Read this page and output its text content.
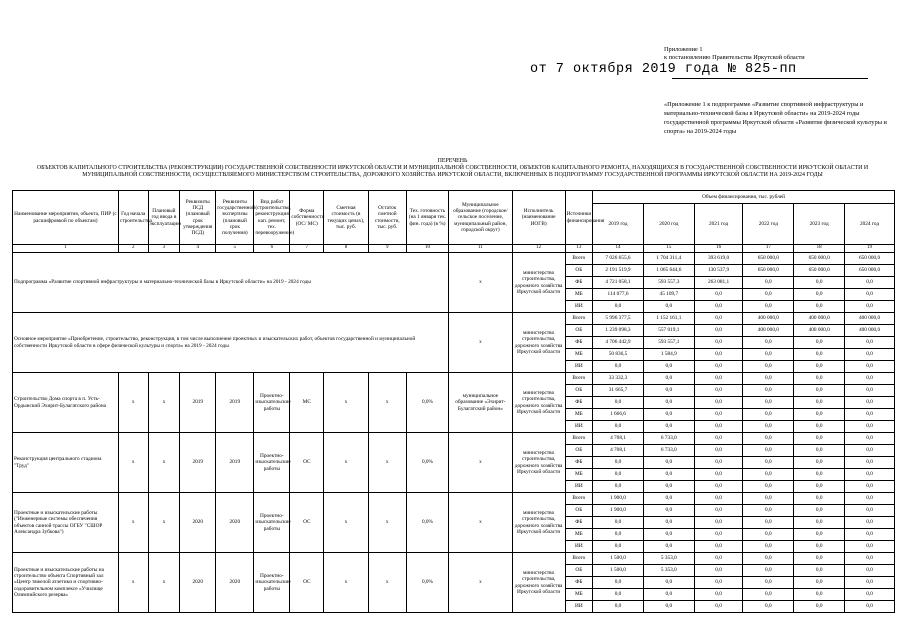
Приложение 1
к постановлению Правительства Иркутской области
от 7 октября 2019 года № 825-пп
«Приложение 1 к подпрограмме «Развитие спортивной инфраструктуры и материально-технической базы в Иркутской области» на 2019-2024 годы государственной программы Иркутской области «Развитие физической культуры и спорта» на 2019-2024 годы
ПЕРЕЧЕНЬ
ОБЪЕКТОВ КАПИТАЛЬНОГО СТРОИТЕЛЬСТВА (РЕКОНСТРУКЦИИ) ГОСУДАРСТВЕННОЙ СОБСТВЕННОСТИ ИРКУТСКОЙ ОБЛАСТИ И МУНИЦИПАЛЬНОЙ СОБСТВЕННОСТИ, ОБЪЕКТОВ КАПИТАЛЬНОГО РЕМОНТА, НАХОДЯЩИХСЯ В ГОСУДАРСТВЕННОЙ СОБСТВЕННОСТИ ИРКУТСКОЙ ОБЛАСТИ И МУНИЦИПАЛЬНОЙ СОБСТВЕННОСТИ, ОСУЩЕСТВЛЯЕМОГО МИНИСТЕРСТВОМ СТРОИТЕЛЬСТВА, ДОРОЖНОГО ХОЗЯЙСТВА ИРКУТСКОЙ ОБЛАСТИ, ВКЛЮЧЕННЫХ В ПОДПРОГРАММУ ГОСУДАРСТВЕННОЙ ПРОГРАММЫ ИРКУТСКОЙ ОБЛАСТИ НА 2019-2024 ГОДЫ
Наименование мероприятия, объекта, ПИР (с расшифровкой по объектам)	Год начала строительства	Плановый год ввода в эксплуатацию	Реквизиты ПСД (плановый срок утверждения ПСД)	Реквизиты государственной экспертизы (плановый срок получения)	Вид работ (строительство, реконструкция, кап. ремонт, тех. перевооружение)	Форма собственности (ОС/ МС)	Сметная стоимость (в текущих ценах), тыс. руб.	Остаток сметной стоимости, тыс. руб.	Тех. готовность (на 1 января тек. фин. года) (в %)	Муниципальное образование (городское/сельское поселение, муниципальный район, городской округ)	Исполнитель (наименование ИОГВ)	Источники финансирования	Объем финансирования, тыс. рублей					
													2019 год	2020 год	2021 год	2022 год	2023 год	2024 год
1	2	3	4	5	6	7	8	9	10	11	12	13	14	15	16	17	18	19
Подпрограмма «Развитие спортивной инфраструктуры и материально-технической базы в Иркутской области» на 2019 - 2024 годы										х	министерство строительства, дорожного хозяйства Иркутской области	Всего	7 026 655,6	1 704 311,4	393 619,0	650 000,0	650 000,0	650 000,0
												ОБ	2 191 519,9	1 065 644,6	130 537,9	650 000,0	650 000,0	650 000,0
												ФБ	4 721 058,1	593 557,3	263 081,1	0,0	0,0	0,0
												МБ	114 077,6	45 109,7	0,0	0,0	0,0	0,0
												ИИ	0,0	0,0	0,0	0,0	0,0	0,0
Основное мероприятие «Приобретение, строительство, реконструкция, в том числе выполнение проектных и изыскательских работ, объектов государственной и муниципальной собственности Иркутской области в сфере физической культуры и спорта» на 2019 - 2024 годы										х	министерство строительства, дорожного хозяйства Иркутской области	Всего	5 996 377,5	1 152 161,1	0,0	400 000,0	400 000,0	400 000,0
												ОБ	1 239 098,3	557 019,1	0,0	400 000,0	400 000,0	400 000,0
												ФБ	4 706 442,9	593 557,1	0,0	0,0	0,0	0,0
												МБ	50 836,5	1 584,9	0,0	0,0	0,0	0,0
												ИИ	0,0	0,0	0,0	0,0	0,0	0,0
Строительство Дома спорта в п. Усть-Ордынский Эхирит-Булагатского района	х	х	2019	2019	Проектно-изыскательские работы	МС	х	х	0,0%	муниципальное образование «Эхирит-Булагатский район»	министерство строительства, дорожного хозяйства Иркутской области	Всего	33 332,3	0,0	0,0	0,0	0,0	0,0
												ОБ	31 665,7	0,0	0,0	0,0	0,0	0,0
												ФБ	0,0	0,0	0,0	0,0	0,0	0,0
												МБ	1 666,6	0,0	0,0	0,0	0,0	0,0
												ИИ	0,0	0,0	0,0	0,0	0,0	0,0
Реконструкция центрального стадиона "Труд"	х	х	2019	2019	Проектно-изыскательские работы	ОС	х	х	0,0%	х	министерство строительства, дорожного хозяйства Иркутской области	Всего	4 708,1	6 733,0	0,0	0,0	0,0	0,0
												ОБ	4 708,1	6 733,0	0,0	0,0	0,0	0,0
												ФБ	0,0	0,0	0,0	0,0	0,0	0,0
												МБ	0,0	0,0	0,0	0,0	0,0	0,0
												ИИ	0,0	0,0	0,0	0,0	0,0	0,0
Проектные и изыскательские работы ("Инженерные системы обеспечения объектов санной трассы ОГБУ "СШОР Александра Зубкова")	х	х	2020	2020	Проектно-изыскательские работы	ОС	х	х	0,0%	х	министерство строительства, дорожного хозяйства Иркутской области	Всего	1 900,0	0,0	0,0	0,0	0,0	0,0
												ОБ	1 900,0	0,0	0,0	0,0	0,0	0,0
												ФБ	0,0	0,0	0,0	0,0	0,0	0,0
												МБ	0,0	0,0	0,0	0,0	0,0	0,0
												ИИ	0,0	0,0	0,0	0,0	0,0	0,0
Проектные и изыскательские работы на строительство объекта Спортивный зал «Центр тяжелой атлетики и спортивно-оздоровительном комплексе «Училище Олимпийского резерва»	х	х	2020	2020	Проектно-изыскательские работы	ОС	х	х	0,0%	х	министерство строительства, дорожного хозяйства Иркутской области	Всего	1 500,0	5 353,0	0,0	0,0	0,0	0,0
												ОБ	1 500,0	5 353,0	0,0	0,0	0,0	0,0
												ФБ	0,0	0,0	0,0	0,0	0,0	0,0
												МБ	0,0	0,0	0,0	0,0	0,0	0,0
												ИИ	0,0	0,0	0,0	0,0	0,0	0,0
